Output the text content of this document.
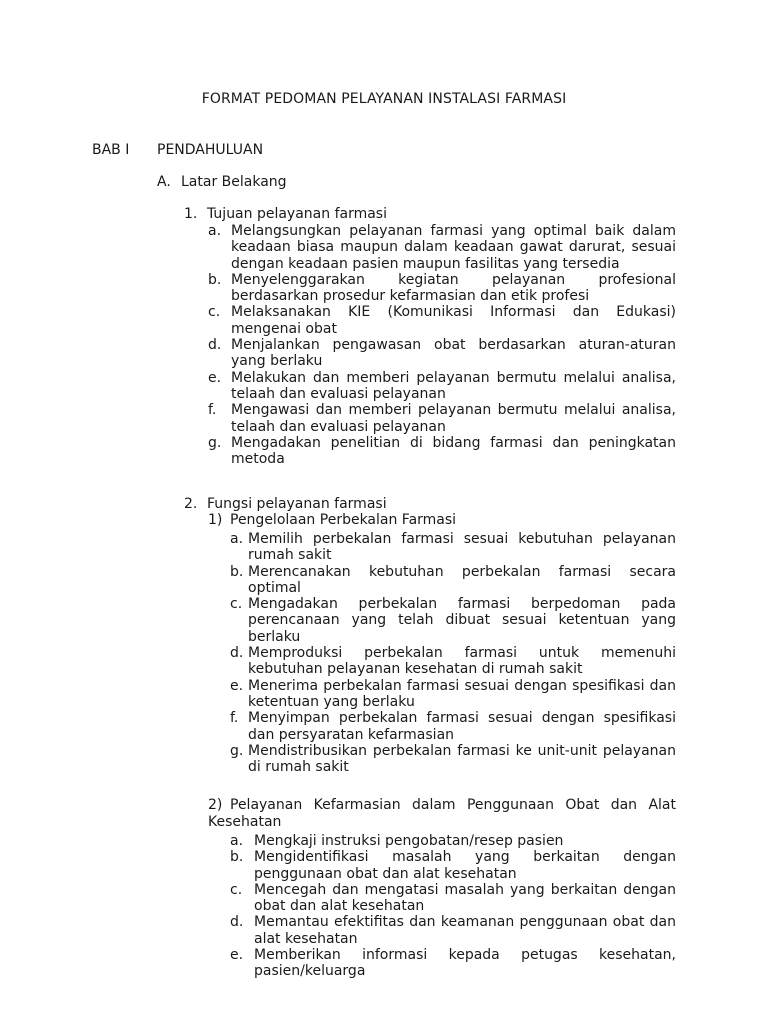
FORMAT PEDOMAN PELAYANAN INSTALASI FARMASI
BAB I PENDAHULUAN
A. Latar Belakang
1. Tujuan pelayanan farmasi
a. Melangsungkan pelayanan farmasi yang optimal baik dalam keadaan biasa maupun dalam keadaan gawat darurat, sesuai dengan keadaan pasien maupun fasilitas yang tersedia
b. Menyelenggarakan kegiatan pelayanan profesional berdasarkan prosedur kefarmasian dan etik profesi
c. Melaksanakan KIE (Komunikasi Informasi dan Edukasi) mengenai obat
d. Menjalankan pengawasan obat berdasarkan aturan-aturan yang berlaku
e. Melakukan dan memberi pelayanan bermutu melalui analisa, telaah dan evaluasi pelayanan
f. Mengawasi dan memberi pelayanan bermutu melalui analisa, telaah dan evaluasi pelayanan
g. Mengadakan penelitian di bidang farmasi dan peningkatan metoda
2. Fungsi pelayanan farmasi
1) Pengelolaan Perbekalan Farmasi
a. Memilih perbekalan farmasi sesuai kebutuhan pelayanan rumah sakit
b. Merencanakan kebutuhan perbekalan farmasi secara optimal
c. Mengadakan perbekalan farmasi berpedoman pada perencanaan yang telah dibuat sesuai ketentuan yang berlaku
d. Memproduksi perbekalan farmasi untuk memenuhi kebutuhan pelayanan kesehatan di rumah sakit
e. Menerima perbekalan farmasi sesuai dengan spesifikasi dan ketentuan yang berlaku
f. Menyimpan perbekalan farmasi sesuai dengan spesifikasi dan persyaratan kefarmasian
g. Mendistribusikan perbekalan farmasi ke unit-unit pelayanan di rumah sakit
2) Pelayanan Kefarmasian dalam Penggunaan Obat dan Alat
Kesehatan
a. Mengkaji instruksi pengobatan/resep pasien
b. Mengidentifikasi masalah yang berkaitan dengan penggunaan obat dan alat kesehatan
c. Mencegah dan mengatasi masalah yang berkaitan dengan obat dan alat kesehatan
d. Memantau efektifitas dan keamanan penggunaan obat dan alat kesehatan
e. Memberikan informasi kepada petugas kesehatan, pasien/keluarga
